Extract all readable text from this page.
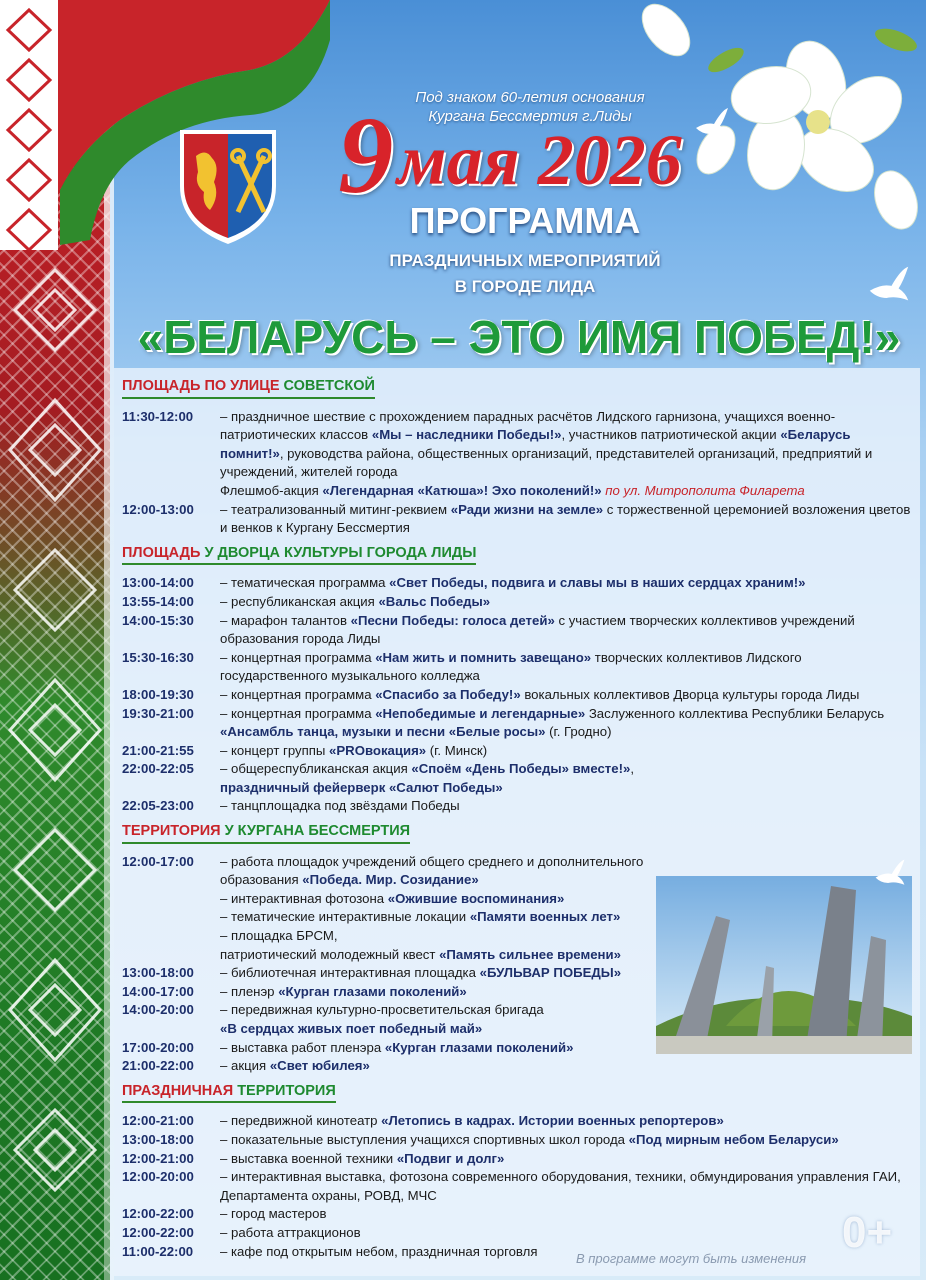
Под знаком 60-летия основания
Кургана Бессмертия г.Лиды
9 мая 2026
ПРОГРАММА
ПРАЗДНИЧНЫХ МЕРОПРИЯТИЙ
В ГОРОДЕ ЛИДА
«БЕЛАРУСЬ – ЭТО ИМЯ ПОБЕД!»
ПЛОЩАДЬ ПО УЛИЦЕ СОВЕТСКОЙ
11:30-12:00	– праздничное шествие с прохождением парадных расчётов Лидского гарнизона, учащихся военно-патриотических классов «Мы – наследники Победы!», участников патриотической акции «Беларусь помнит!», руководства района, общественных организаций, представителей организаций, предприятий и учреждений, жителей города
Флешмоб-акция «Легендарная «Катюша»! Эхо поколений!» по ул. Митрополита Филарета
12:00-13:00	– театрализованный митинг-реквием «Ради жизни на земле» с торжественной церемонией возложения цветов и венков к Кургану Бессмертия
ПЛОЩАДЬ У ДВОРЦА КУЛЬТУРЫ ГОРОДА ЛИДЫ
13:00-14:00	– тематическая программа «Свет Победы, подвига и славы мы в наших сердцах храним!»
13:55-14:00	– республиканская акция «Вальс Победы»
14:00-15:30	– марафон талантов «Песни Победы: голоса детей» с участием творческих коллективов учреждений образования города Лиды
15:30-16:30	– концертная программа «Нам жить и помнить завещано» творческих коллективов Лидского государственного музыкального колледжа
18:00-19:30	– концертная программа «Спасибо за Победу!» вокальных коллективов Дворца культуры города Лиды
19:30-21:00	– концертная программа «Непобедимые и легендарные» Заслуженного коллектива Республики Беларусь «Ансамбль танца, музыки и песни «Белые росы» (г. Гродно)
21:00-21:55	– концерт группы «PROвокация» (г. Минск)
22:00-22:05	– общереспубликанская акция «Споём «День Победы» вместе!»,
праздничный фейерверк «Салют Победы»
22:05-23:00	– танцплощадка под звёздами Победы
ТЕРРИТОРИЯ У КУРГАНА БЕССМЕРТИЯ
12:00-17:00	– работа площадок учреждений общего среднего и дополнительного образования «Победа. Мир. Созидание»
– интерактивная фотозона «Ожившие воспоминания»
– тематические интерактивные локации «Памяти военных лет»
– площадка БРСМ,
патриотический молодежный квест «Память сильнее времени»
13:00-18:00	– библиотечная интерактивная площадка «БУЛЬВАР ПОБЕДЫ»
14:00-17:00	– пленэр «Курган глазами поколений»
14:00-20:00	– передвижная культурно-просветительская бригада
«В сердцах живых поет победный май»
17:00-20:00	– выставка работ пленэра «Курган глазами поколений»
21:00-22:00	– акция «Свет юбилея»
ПРАЗДНИЧНАЯ ТЕРРИТОРИЯ
12:00-21:00	– передвижной кинотеатр «Летопись в кадрах. Истории военных репортеров»
13:00-18:00	– показательные выступления учащихся спортивных школ города «Под мирным небом Беларуси»
12:00-21:00	– выставка военной техники «Подвиг и долг»
12:00-20:00	– интерактивная выставка, фотозона современного оборудования, техники, обмундирования управления ГАИ, Департамента охраны, РОВД, МЧС
12:00-22:00	– город мастеров
12:00-22:00	– работа аттракционов
11:00-22:00	– кафе под открытым небом, праздничная торговля	В программе могут быть изменения
0+
